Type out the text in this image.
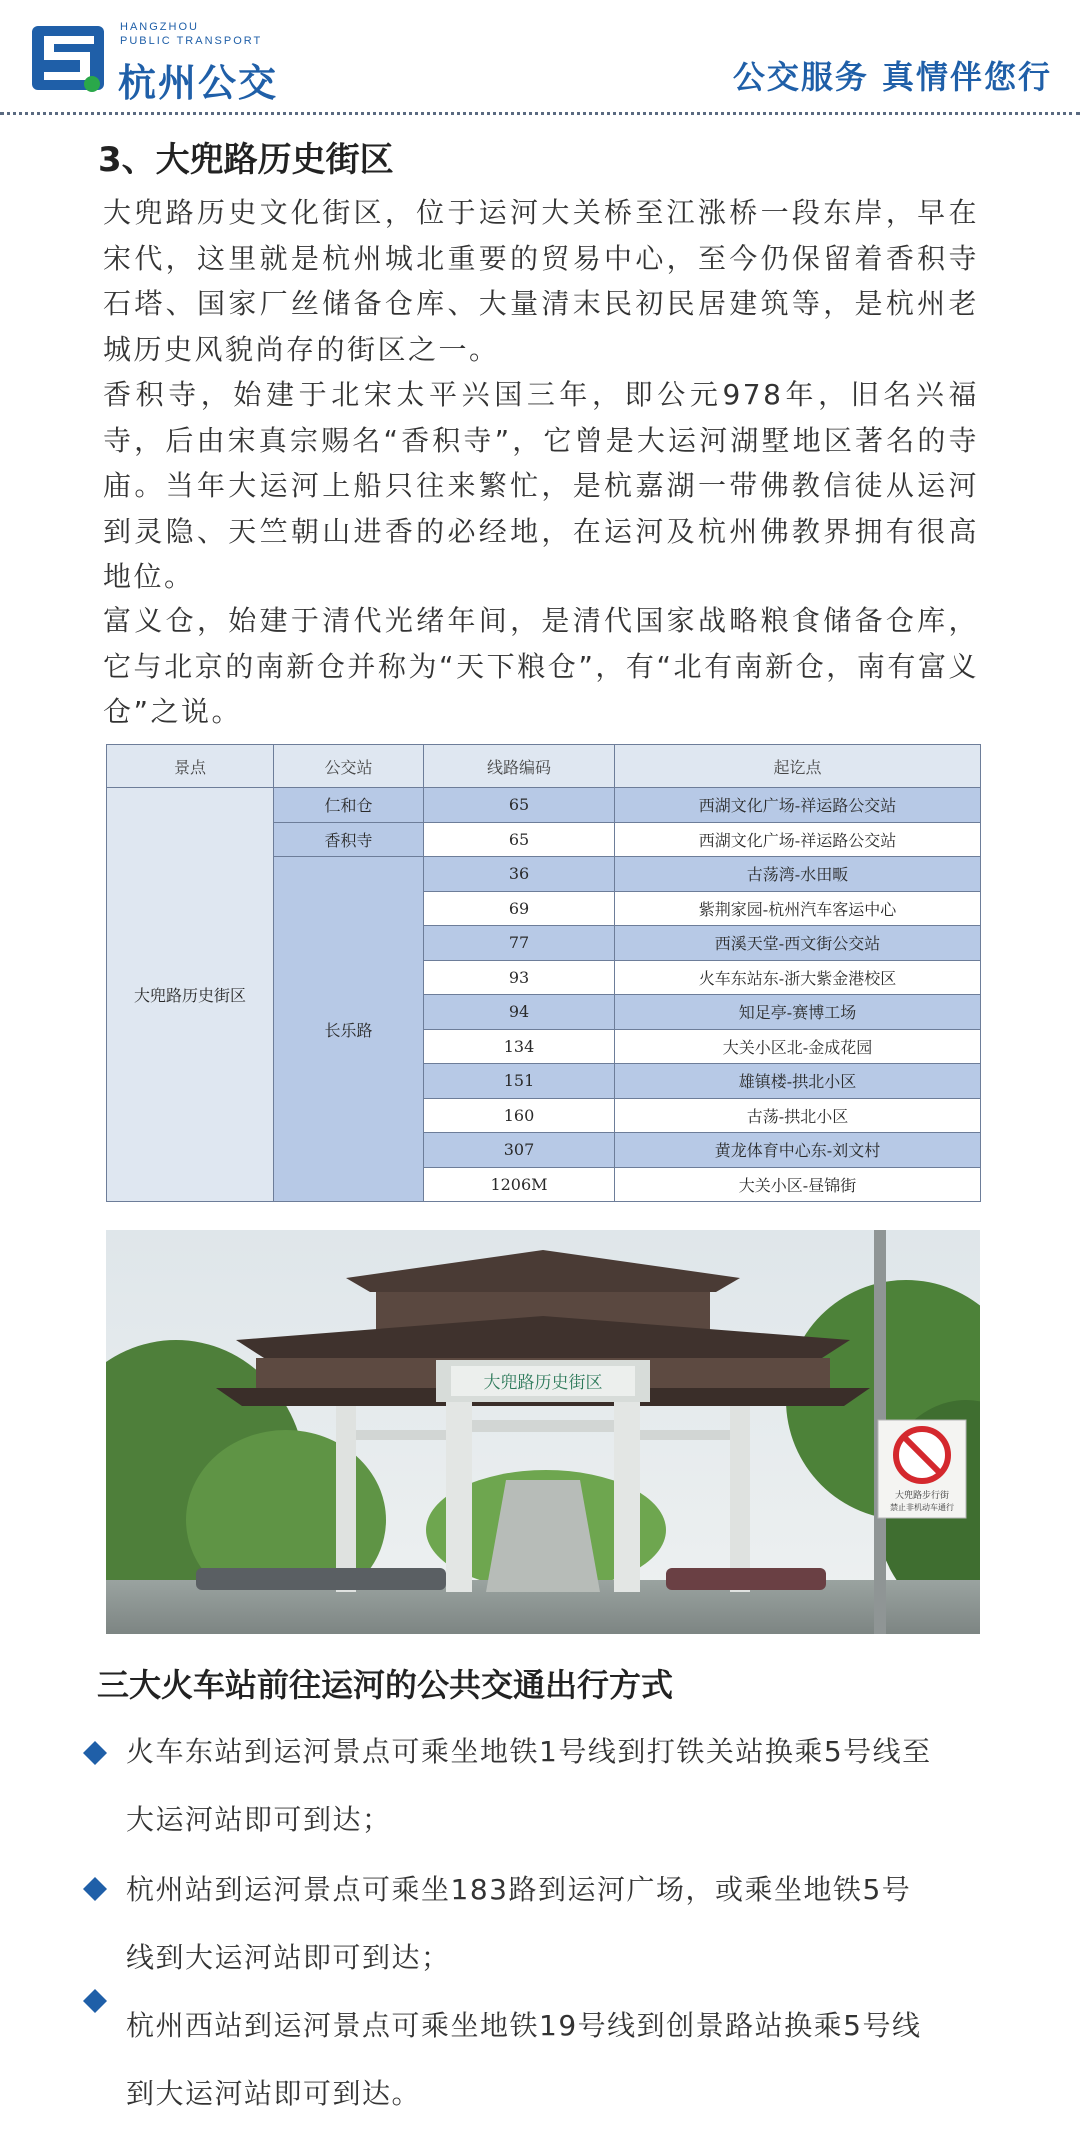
HANGZHOU
PUBLIC TRANSPORT
杭州公交	公交服务 真情伴您行
3、大兜路历史街区

大兜路历史文化街区，位于运河大关桥至江涨桥一段东岸，早在宋代，这里就是杭州城北重要的贸易中心，至今仍保留着香积寺石塔、国家厂丝储备仓库、大量清末民初民居建筑等，是杭州老城历史风貌尚存的街区之一。

香积寺，始建于北宋太平兴国三年，即公元978年，旧名兴福寺，后由宋真宗赐名“香积寺”，它曾是大运河湖墅地区著名的寺庙。当年大运河上船只往来繁忙，是杭嘉湖一带佛教信徒从运河到灵隐、天竺朝山进香的必经地，在运河及杭州佛教界拥有很高地位。

富义仓，始建于清代光绪年间，是清代国家战略粮食储备仓库，它与北京的南新仓并称为“天下粮仓”，有“北有南新仓，南有富义仓”之说。

景点	公交站	线路编码	起讫点
大兜路历史街区	仁和仓	65	西湖文化广场-祥运路公交站
	香积寺	65	西湖文化广场-祥运路公交站
	长乐路	36	古荡湾-水田畈
		69	紫荆家园-杭州汽车客运中心
		77	西溪天堂-西文街公交站
		93	火车东站东-浙大紫金港校区
		94	知足亭-赛博工场
		134	大关小区北-金成花园
		151	雄镇楼-拱北小区
		160	古荡-拱北小区
		307	黄龙体育中心东-刘文村
		1206M	大关小区-昼锦街
大兜路历史街区
大兜路步行街
禁止非机动车通行
三大火车站前往运河的公共交通出行方式

火车东站到运河景点可乘坐地铁1号线到打铁关站换乘5号线至
大运河站即可到达；

杭州站到运河景点可乘坐183路到运河广场，或乘坐地铁5号
线到大运河站即可到达；

杭州西站到运河景点可乘坐地铁19号线到创景路站换乘5号线
到大运河站即可到达。
